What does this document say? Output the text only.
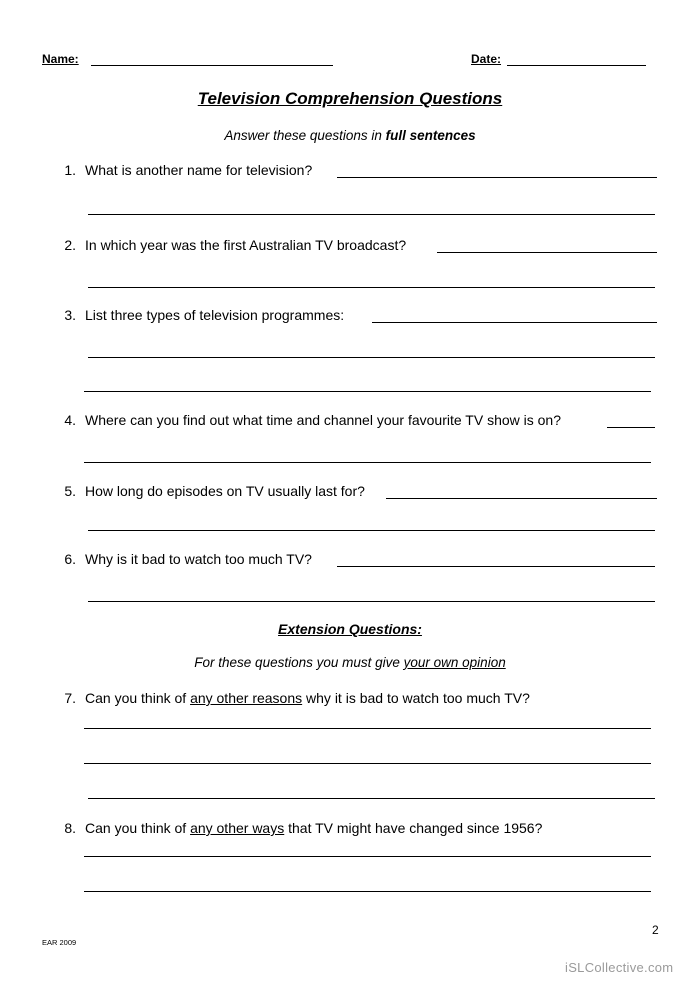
Name:	Date:
Television Comprehension Questions
Answer these questions in full sentences
1. What is another name for television?
2. In which year was the first Australian TV broadcast?
3. List three types of television programmes:
4. Where can you find out what time and channel your favourite TV show is on?
5. How long do episodes on TV usually last for?
6. Why is it bad to watch too much TV?
Extension Questions:
For these questions you must give your own opinion
7. Can you think of any other reasons why it is bad to watch too much TV?
8. Can you think of any other ways that TV might have changed since 1956?
2
EAR 2009
iSLCollective.com
